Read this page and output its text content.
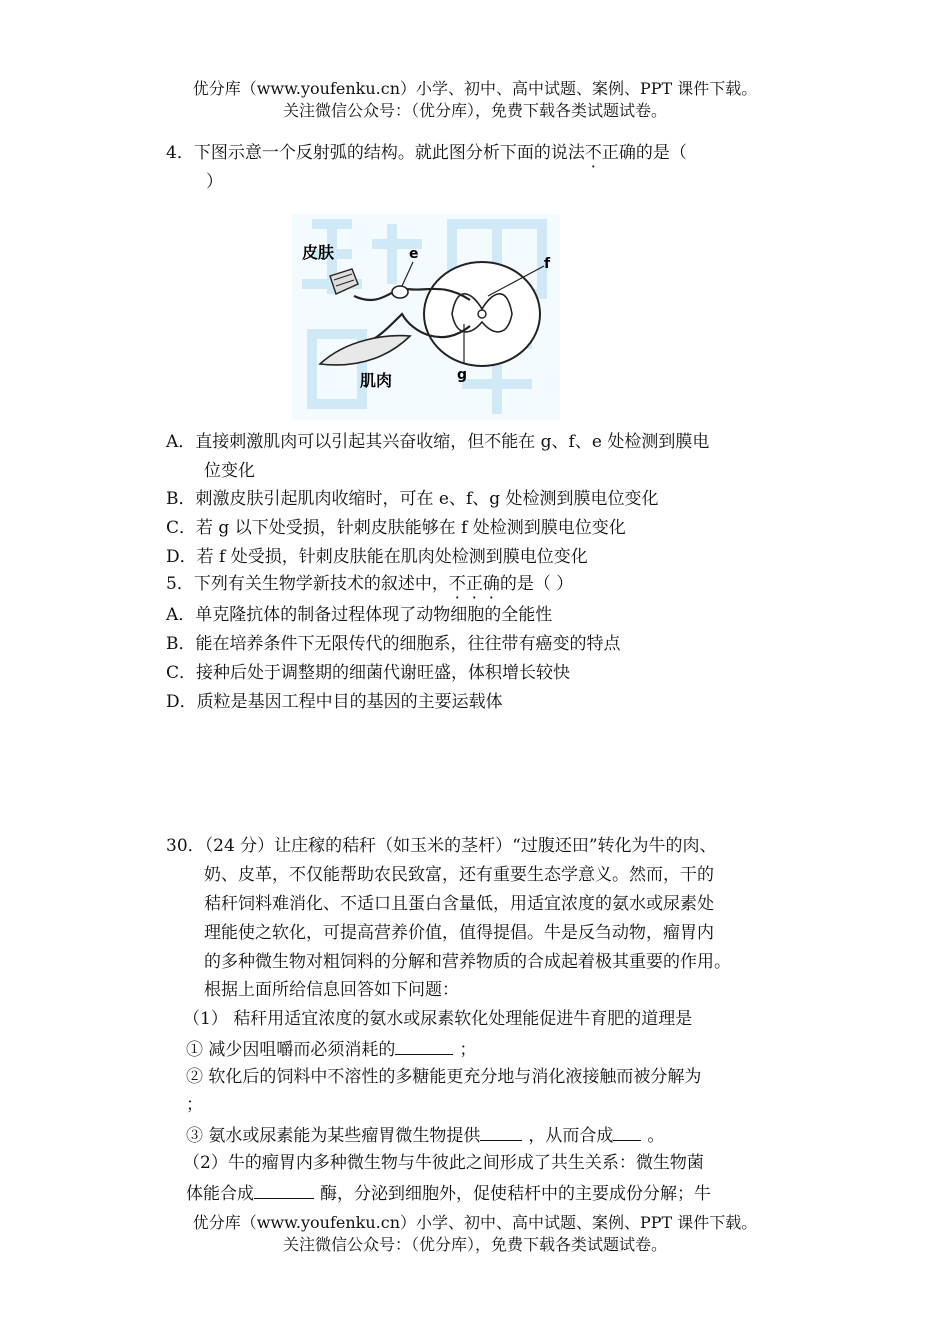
优分库（www.youfenku.cn）小学、初中、高中试题、案例、PPT 课件下载。
关注微信公众号：（优分库），免费下载各类试题试卷。
4．下图示意一个反射弧的结构。就此图分析下面的说法不正确的是（
）
皮肤
肌肉
e
f
g
A．直接刺激肌肉可以引起其兴奋收缩，但不能在 g、f、e 处检测到膜电
位变化
B．刺激皮肤引起肌肉收缩时，可在 e、f、g 处检测到膜电位变化
C．若 g 以下处受损，针刺皮肤能够在 f 处检测到膜电位变化
D．若 f 处受损，针刺皮肤能在肌肉处检测到膜电位变化
5．下列有关生物学新技术的叙述中，不正确的是（ ）
A．单克隆抗体的制备过程体现了动物细胞的全能性
B．能在培养条件下无限传代的细胞系，往往带有癌变的特点
C．接种后处于调整期的细菌代谢旺盛，体积增长较快
D．质粒是基因工程中目的基因的主要运载体
30．（24 分）让庄稼的秸秆（如玉米的茎杆）“过腹还田”转化为牛的肉、
奶、皮革，不仅能帮助农民致富，还有重要生态学意义。然而，干的
秸秆饲料难消化、不适口且蛋白含量低，用适宜浓度的氨水或尿素处
理能使之软化，可提高营养价值，值得提倡。牛是反刍动物，瘤胃内
的多种微生物对粗饲料的分解和营养物质的合成起着极其重要的作用。
根据上面所给信息回答如下问题：
（1） 秸秆用适宜浓度的氨水或尿素软化处理能促进牛育肥的道理是
① 减少因咀嚼而必须消耗的	；
② 软化后的饲料中不溶性的多糖能更充分地与消化液接触而被分解为
；
③ 氨水或尿素能为某些瘤胃微生物提供	，从而合成 。
（2）牛的瘤胃内多种微生物与牛彼此之间形成了共生关系：微生物菌
体能合成	酶，分泌到细胞外，促使秸杆中的主要成份分解；牛
优分库（www.youfenku.cn）小学、初中、高中试题、案例、PPT 课件下载。
关注微信公众号：（优分库），免费下载各类试题试卷。
